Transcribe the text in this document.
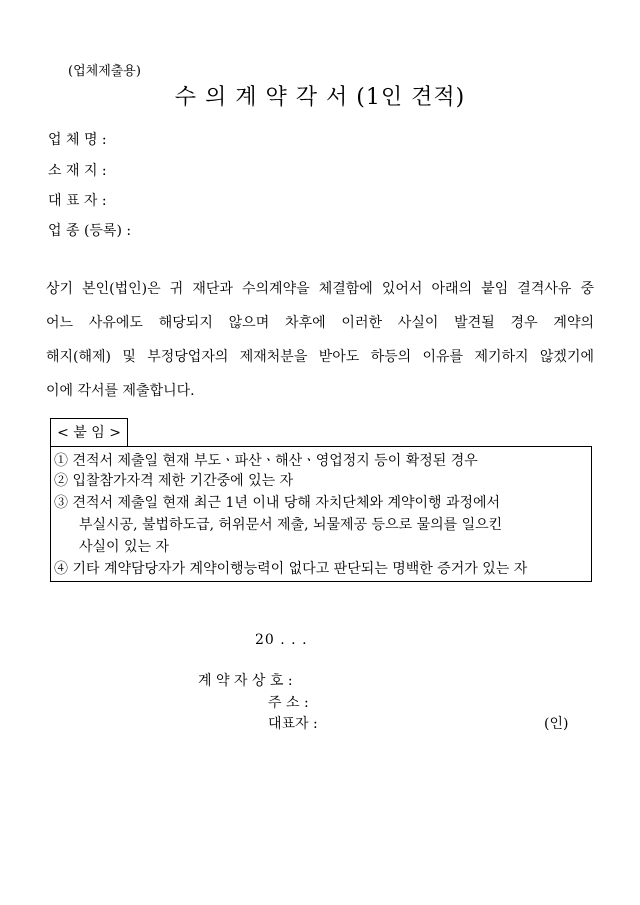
(업체제출용)
수 의 계 약 각 서 (1인 견적)
업 체 명 :
소 재 지 :
대 표 자 :
업 종 (등록) :
상기 본인(법인)은 귀 재단과 수의계약을 체결함에 있어서 아래의 붙임 결격사유 중
어느 사유에도 해당되지 않으며 차후에 이러한 사실이 발견될 경우 계약의
해지(해제) 및 부정당업자의 제재처분을 받아도 하등의 이유를 제기하지 않겠기에
이에 각서를 제출합니다.
< 붙 임 >
① 견적서 제출일 현재 부도ㆍ파산ㆍ해산ㆍ영업정지 등이 확정된 경우
② 입찰참가자격 제한 기간중에 있는 자
③ 견적서 제출일 현재 최근 1년 이내 당해 자치단체와 계약이행 과정에서
부실시공, 불법하도급, 허위문서 제출, 뇌물제공 등으로 물의를 일으킨
사실이 있는 자
④ 기타 계약담당자가 계약이행능력이 없다고 판단되는 명백한 증거가 있는 자
20 . . .
계 약 자 상 호 :
주 소 :
대표자 :	(인)
